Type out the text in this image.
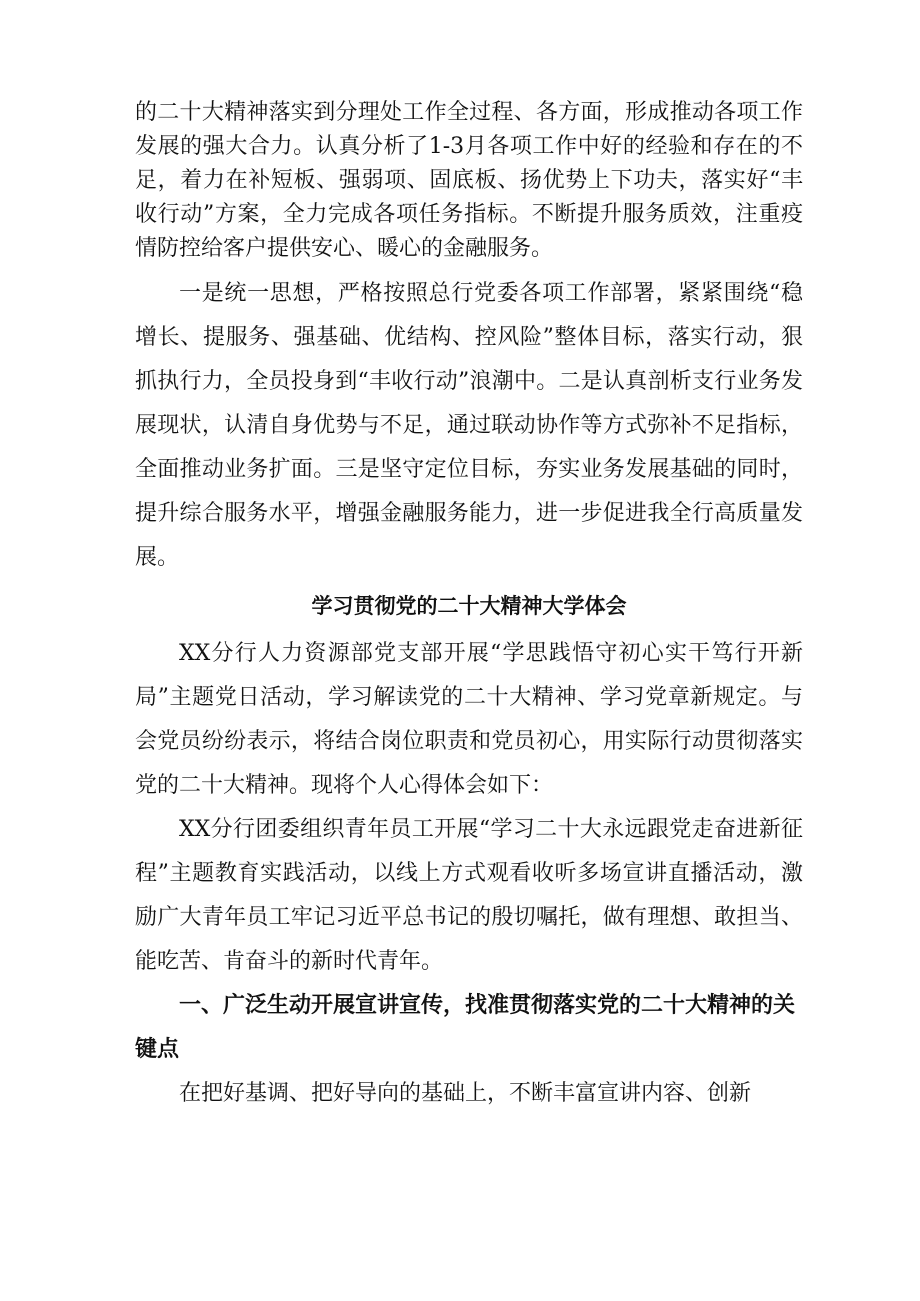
的二十大精神落实到分理处工作全过程、各方面，形成推动各项工作发展的强大合力。认真分析了1-3月各项工作中好的经验和存在的不足，着力在补短板、强弱项、固底板、扬优势上下功夫，落实好“丰收行动”方案，全力完成各项任务指标。不断提升服务质效，注重疫情防控给客户提供安心、暖心的金融服务。

一是统一思想，严格按照总行党委各项工作部署，紧紧围绕“稳增长、提服务、强基础、优结构、控风险”整体目标，落实行动，狠抓执行力，全员投身到“丰收行动”浪潮中。二是认真剖析支行业务发展现状，认清自身优势与不足，通过联动协作等方式弥补不足指标，全面推动业务扩面。三是坚守定位目标，夯实业务发展基础的同时，提升综合服务水平，增强金融服务能力，进一步促进我全行高质量发展。

学习贯彻党的二十大精神大学体会

XX分行人力资源部党支部开展“学思践悟守初心实干笃行开新局”主题党日活动，学习解读党的二十大精神、学习党章新规定。与会党员纷纷表示，将结合岗位职责和党员初心，用实际行动贯彻落实党的二十大精神。现将个人心得体会如下：

XX分行团委组织青年员工开展“学习二十大永远跟党走奋进新征程”主题教育实践活动，以线上方式观看收听多场宣讲直播活动，激励广大青年员工牢记习近平总书记的殷切嘱托，做有理想、敢担当、能吃苦、肯奋斗的新时代青年。

一、广泛生动开展宣讲宣传，找准贯彻落实党的二十大精神的关键点

在把好基调、把好导向的基础上，不断丰富宣讲内容、创新
